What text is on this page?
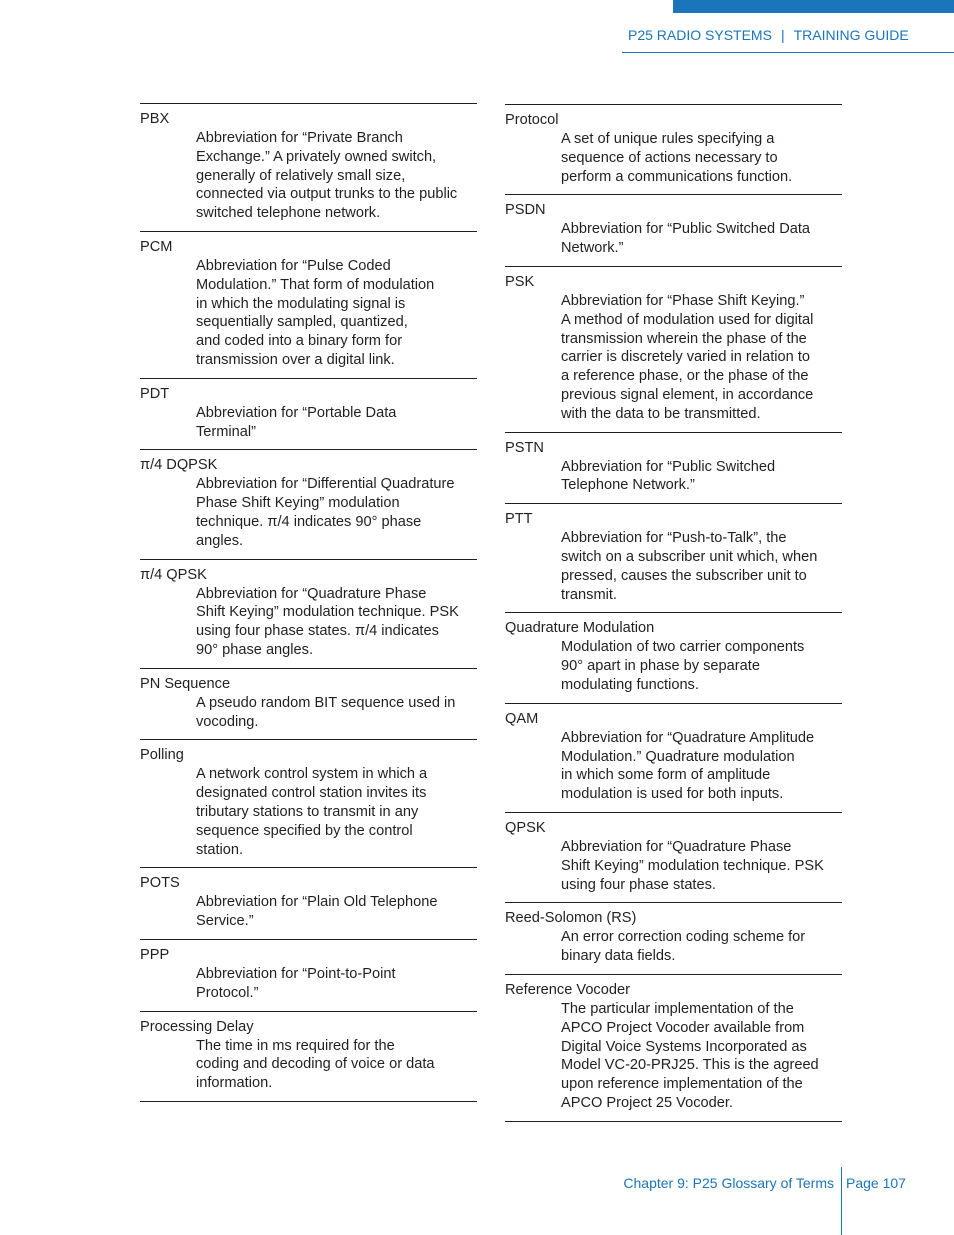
P25 RADIO SYSTEMS | TRAINING GUIDE
PBX
Abbreviation for “Private Branch
Exchange.” A privately owned switch,
generally of relatively small size,
connected via output trunks to the public
switched telephone network.
PCM
Abbreviation for “Pulse Coded
Modulation.” That form of modulation
in which the modulating signal is
sequentially sampled, quantized,
and coded into a binary form for
transmission over a digital link.
PDT
Abbreviation for “Portable Data
Terminal”
π/4 DQPSK
Abbreviation for “Differential Quadrature
Phase Shift Keying” modulation
technique. π/4 indicates 90° phase
angles.
π/4 QPSK
Abbreviation for “Quadrature Phase
Shift Keying” modulation technique. PSK
using four phase states. π/4 indicates
90° phase angles.
PN Sequence
A pseudo random BIT sequence used in
vocoding.
Polling
A network control system in which a
designated control station invites its
tributary stations to transmit in any
sequence specified by the control
station.
POTS
Abbreviation for “Plain Old Telephone
Service.”
PPP
Abbreviation for “Point-to-Point
Protocol.”
Processing Delay
The time in ms required for the
coding and decoding of voice or data
information.
Protocol
A set of unique rules specifying a
sequence of actions necessary to
perform a communications function.
PSDN
Abbreviation for “Public Switched Data
Network.”
PSK
Abbreviation for “Phase Shift Keying.”
A method of modulation used for digital
transmission wherein the phase of the
carrier is discretely varied in relation to
a reference phase, or the phase of the
previous signal element, in accordance
with the data to be transmitted.
PSTN
Abbreviation for “Public Switched
Telephone Network.”
PTT
Abbreviation for “Push-to-Talk”, the
switch on a subscriber unit which, when
pressed, causes the subscriber unit to
transmit.
Quadrature Modulation
Modulation of two carrier components
90° apart in phase by separate
modulating functions.
QAM
Abbreviation for “Quadrature Amplitude
Modulation.” Quadrature modulation
in which some form of amplitude
modulation is used for both inputs.
QPSK
Abbreviation for “Quadrature Phase
Shift Keying” modulation technique. PSK
using four phase states.
Reed-Solomon (RS)
An error correction coding scheme for
binary data fields.
Reference Vocoder
The particular implementation of the
APCO Project Vocoder available from
Digital Voice Systems Incorporated as
Model VC-20-PRJ25. This is the agreed
upon reference implementation of the
APCO Project 25 Vocoder.
Chapter 9: P25 Glossary of Terms Page 107
